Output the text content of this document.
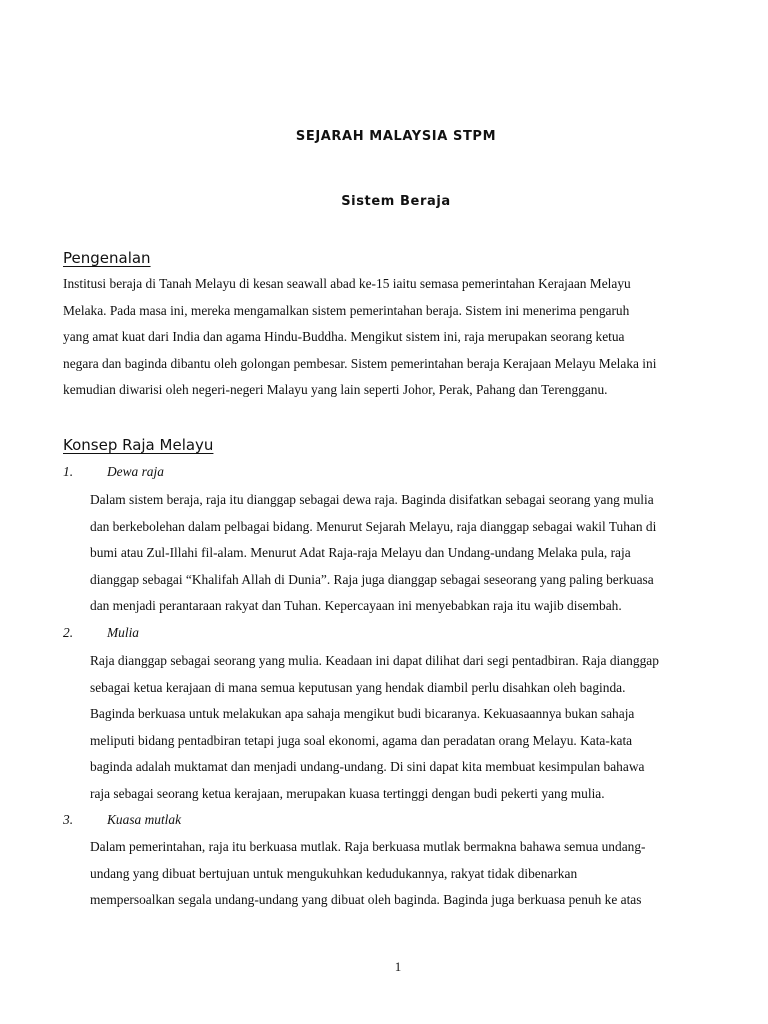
SEJARAH MALAYSIA STPM
Sistem Beraja
Pengenalan

Institusi beraja di Tanah Melayu di kesan seawall abad ke-15 iaitu semasa pemerintahan Kerajaan Melayu
Melaka. Pada masa ini, mereka mengamalkan sistem pemerintahan beraja. Sistem ini menerima pengaruh
yang amat kuat dari India dan agama Hindu-Buddha. Mengikut sistem ini, raja merupakan seorang ketua
negara dan baginda dibantu oleh golongan pembesar. Sistem pemerintahan beraja Kerajaan Melayu Melaka ini
kemudian diwarisi oleh negeri-negeri Malayu yang lain seperti Johor, Perak, Pahang dan Terengganu.

Konsep Raja Melayu
1.	Dewa raja

Dalam sistem beraja, raja itu dianggap sebagai dewa raja. Baginda disifatkan sebagai seorang yang mulia
dan berkebolehan dalam pelbagai bidang. Menurut Sejarah Melayu, raja dianggap sebagai wakil Tuhan di
bumi atau Zul-Illahi fil-alam. Menurut Adat Raja-raja Melayu dan Undang-undang Melaka pula, raja
dianggap sebagai “Khalifah Allah di Dunia”. Raja juga dianggap sebagai seseorang yang paling berkuasa
dan menjadi perantaraan rakyat dan Tuhan. Kepercayaan ini menyebabkan raja itu wajib disembah.

2.	Mulia

Raja dianggap sebagai seorang yang mulia. Keadaan ini dapat dilihat dari segi pentadbiran. Raja dianggap
sebagai ketua kerajaan di mana semua keputusan yang hendak diambil perlu disahkan oleh baginda.
Baginda berkuasa untuk melakukan apa sahaja mengikut budi bicaranya. Kekuasaannya bukan sahaja
meliputi bidang pentadbiran tetapi juga soal ekonomi, agama dan peradatan orang Melayu. Kata-kata
baginda adalah muktamat dan menjadi undang-undang. Di sini dapat kita membuat kesimpulan bahawa
raja sebagai seorang ketua kerajaan, merupakan kuasa tertinggi dengan budi pekerti yang mulia.

3.	Kuasa mutlak

Dalam pemerintahan, raja itu berkuasa mutlak. Raja berkuasa mutlak bermakna bahawa semua undang-
undang yang dibuat bertujuan untuk mengukuhkan kedudukannya, rakyat tidak dibenarkan
mempersoalkan segala undang-undang yang dibuat oleh baginda. Baginda juga berkuasa penuh ke atas

1
